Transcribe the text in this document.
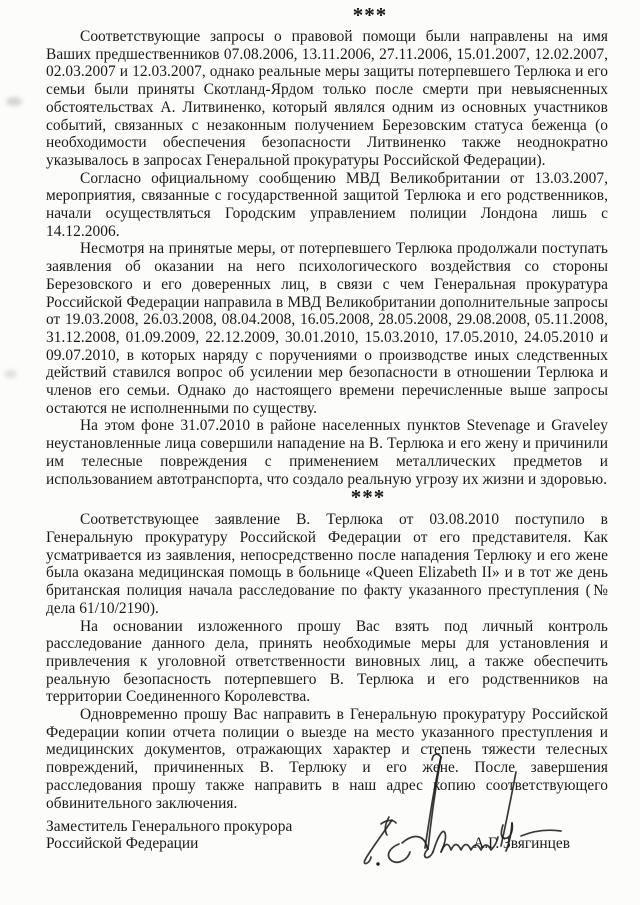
***

Соответствующие запросы о правовой помощи были направлены на имя Ваших предшественников 07.08.2006, 13.11.2006, 27.11.2006, 15.01.2007, 12.02.2007, 02.03.2007 и 12.03.2007, однако реальные меры защиты потерпевшего Терлюка и его семьи были приняты Скотланд-Ярдом только после смерти при невыясненных обстоятельствах А. Литвиненко, который являлся одним из основных участников событий, связанных с незаконным получением Березовским статуса беженца (о необходимости обеспечения безопасности Литвиненко также неоднократно указывалось в запросах Генеральной прокуратуры Российской Федерации).

Согласно официальному сообщению МВД Великобритании от 13.03.2007, мероприятия, связанные с государственной защитой Терлюка и его родственников, начали осуществляться Городским управлением полиции Лондона лишь с 14.12.2006.

Несмотря на принятые меры, от потерпевшего Терлюка продолжали поступать заявления об оказании на него психологического воздействия со стороны Березовского и его доверенных лиц, в связи с чем Генеральная прокуратура Российской Федерации направила в МВД Великобритании дополнительные запросы от 19.03.2008, 26.03.2008, 08.04.2008, 16.05.2008, 28.05.2008, 29.08.2008, 05.11.2008, 31.12.2008, 01.09.2009, 22.12.2009, 30.01.2010, 15.03.2010, 17.05.2010, 24.05.2010 и 09.07.2010, в которых наряду с поручениями о производстве иных следственных действий ставился вопрос об усилении мер безопасности в отношении Терлюка и членов его семьи. Однако до настоящего времени перечисленные выше запросы остаются не исполненными по существу.

На этом фоне 31.07.2010 в районе населенных пунктов Stevenage и Graveley неустановленные лица совершили нападение на В. Терлюка и его жену и причинили им телесные повреждения с применением металлических предметов и использованием автотранспорта, что создало реальную угрозу их жизни и здоровью.

***

Соответствующее заявление В. Терлюка от 03.08.2010 поступило в Генеральную прокуратуру Российской Федерации от его представителя. Как усматривается из заявления, непосредственно после нападения Терлюку и его жене была оказана медицинская помощь в больнице «Queen Elizabeth II» и в тот же день британская полиция начала расследование по факту указанного преступления (№ дела 61/10/2190).

На основании изложенного прошу Вас взять под личный контроль расследование данного дела, принять необходимые меры для установления и привлечения к уголовной ответственности виновных лиц, а также обеспечить реальную безопасность потерпевшего В. Терлюка и его родственников на территории Соединенного Королевства.

Одновременно прошу Вас направить в Генеральную прокуратуру Российской Федерации копии отчета полиции о выезде на место указанного преступления и медицинских документов, отражающих характер и степень тяжести телесных повреждений, причиненных В. Терлюку и его жене. После завершения расследования прошу также направить в наш адрес копию соответствующего обвинительного заключения.

Заместитель Генерального прокурора
Российской Федерации	А.Г. Звягинцев
